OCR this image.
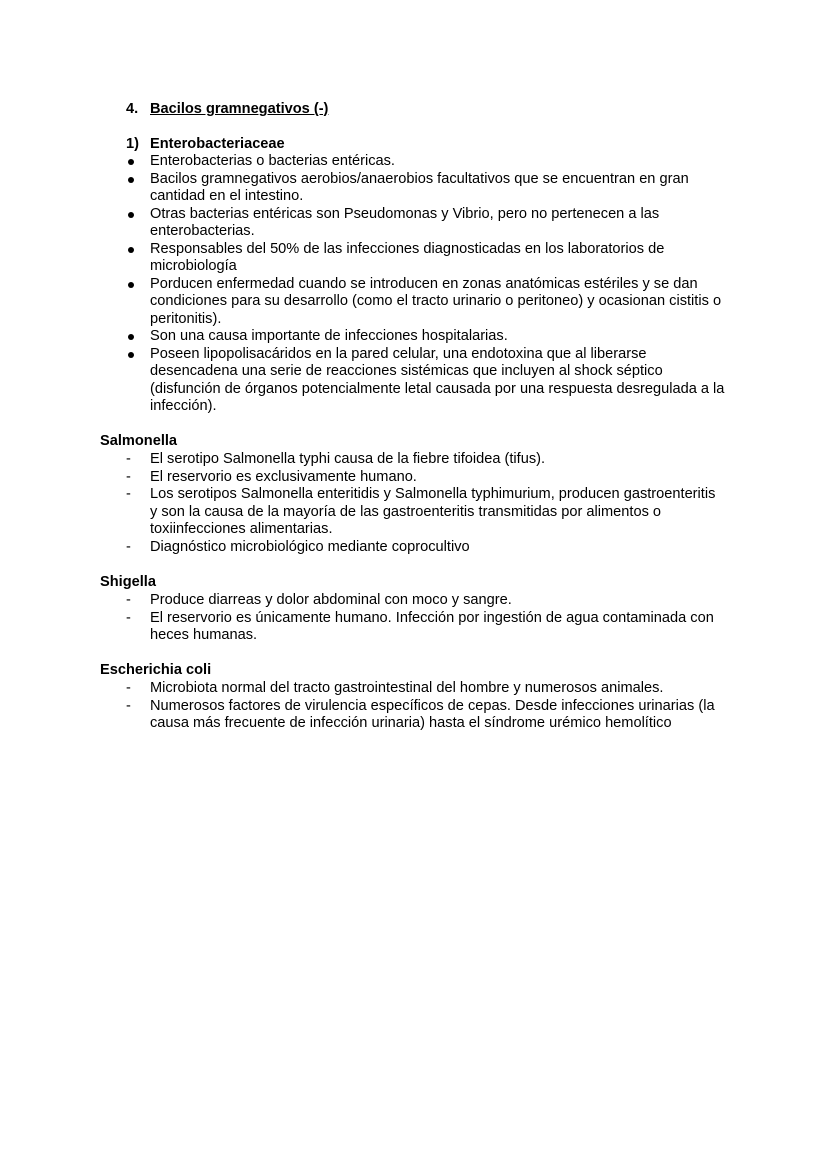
4. Bacilos gramnegativos (-)
1) Enterobacteriaceae
Enterobacterias o bacterias entéricas.
Bacilos gramnegativos aerobios/anaerobios facultativos que se encuentran en gran cantidad en el intestino.
Otras bacterias entéricas son Pseudomonas y Vibrio, pero no pertenecen a las enterobacterias.
Responsables del 50% de las infecciones diagnosticadas en los laboratorios de microbiología
Porducen enfermedad cuando se introducen en zonas anatómicas estériles y se dan condiciones para su desarrollo (como el tracto urinario o peritoneo) y ocasionan cistitis o peritonitis).
Son una causa importante de infecciones hospitalarias.
Poseen lipopolisacáridos en la pared celular, una endotoxina que al liberarse desencadena una serie de reacciones sistémicas que incluyen al shock séptico (disfunción de órganos potencialmente letal causada por una respuesta desregulada a la infección).
Salmonella
- El serotipo Salmonella typhi causa de la fiebre tifoidea (tifus).
- El reservorio es exclusivamente humano.
- Los serotipos Salmonella enteritidis y Salmonella typhimurium, producen gastroenteritis y son la causa de la mayoría de las gastroenteritis transmitidas por alimentos o toxiinfecciones alimentarias.
- Diagnóstico microbiológico mediante coprocultivo
Shigella
- Produce diarreas y dolor abdominal con moco y sangre.
- El reservorio es únicamente humano. Infección por ingestión de agua contaminada con heces humanas.
Escherichia coli
- Microbiota normal del tracto gastrointestinal del hombre y numerosos animales.
- Numerosos factores de virulencia específicos de cepas. Desde infecciones urinarias (la causa más frecuente de infección urinaria) hasta el síndrome urémico hemolítico
